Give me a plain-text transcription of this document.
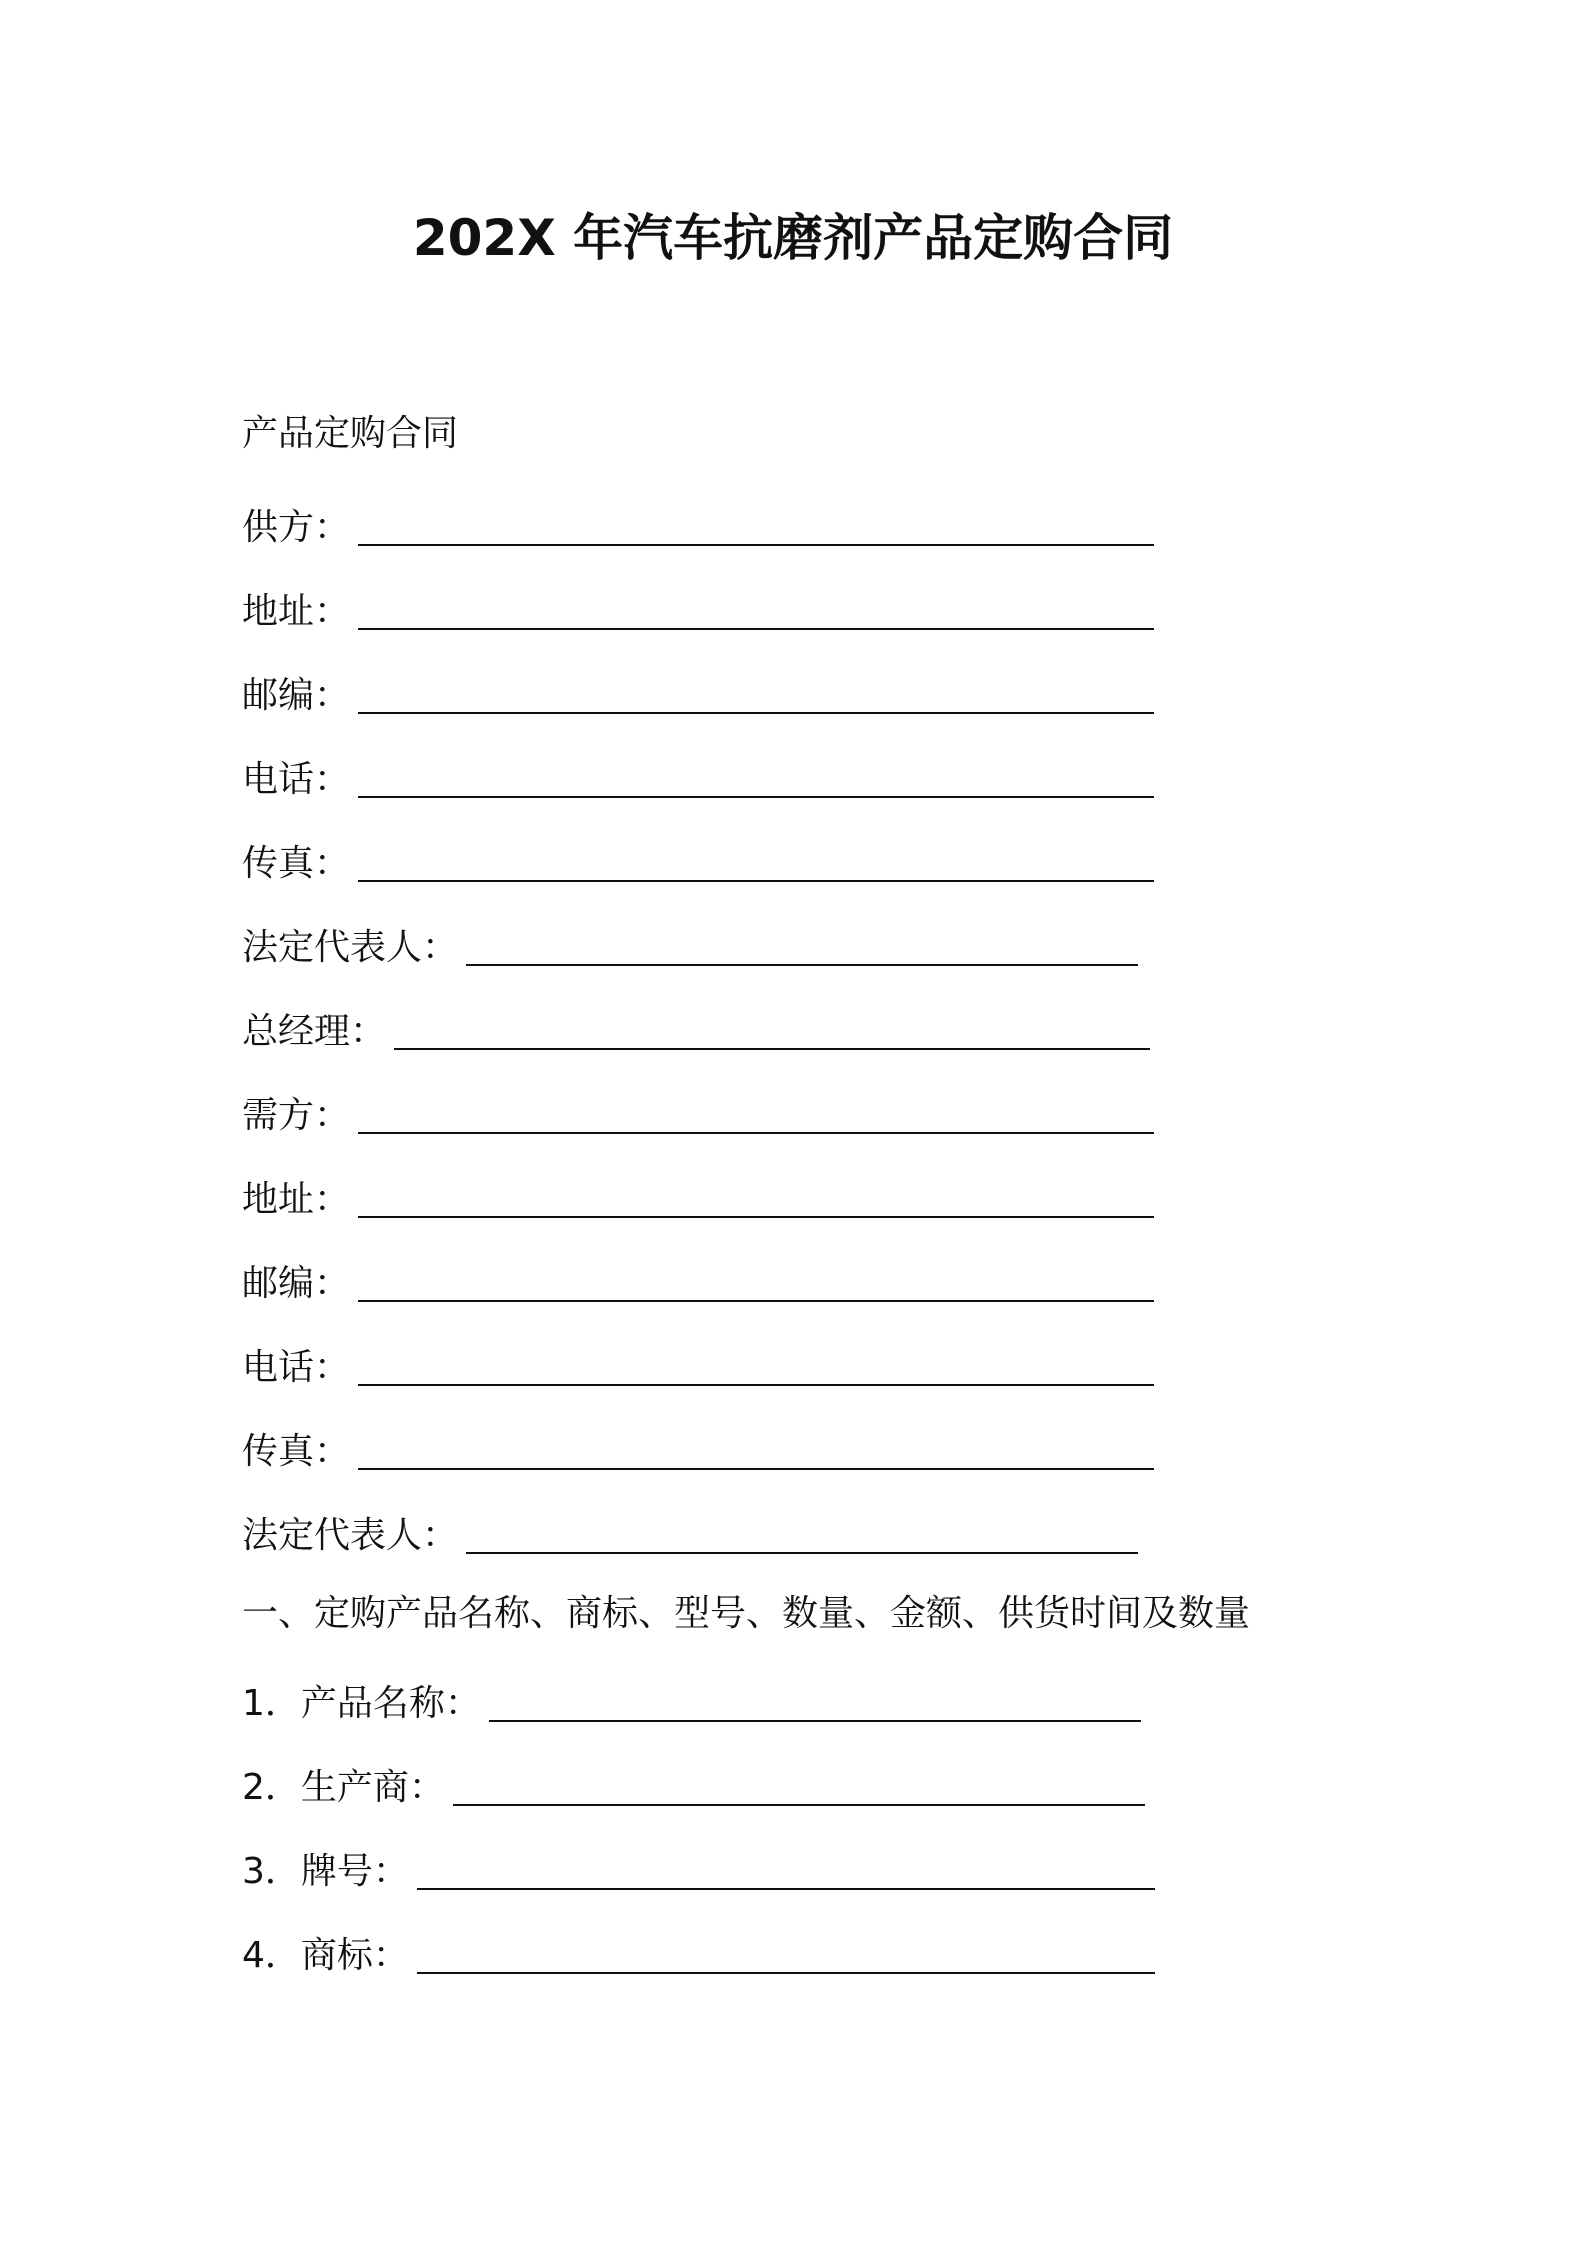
202X 年汽车抗磨剂产品定购合同
产品定购合同
供方：
地址：
邮编：
电话：
传真：
法定代表人：
总经理：
需方：
地址：
邮编：
电话：
传真：
法定代表人：
一、定购产品名称、商标、型号、数量、金额、供货时间及数量
1．产品名称：
2．生产商：
3．牌号：
4．商标：
